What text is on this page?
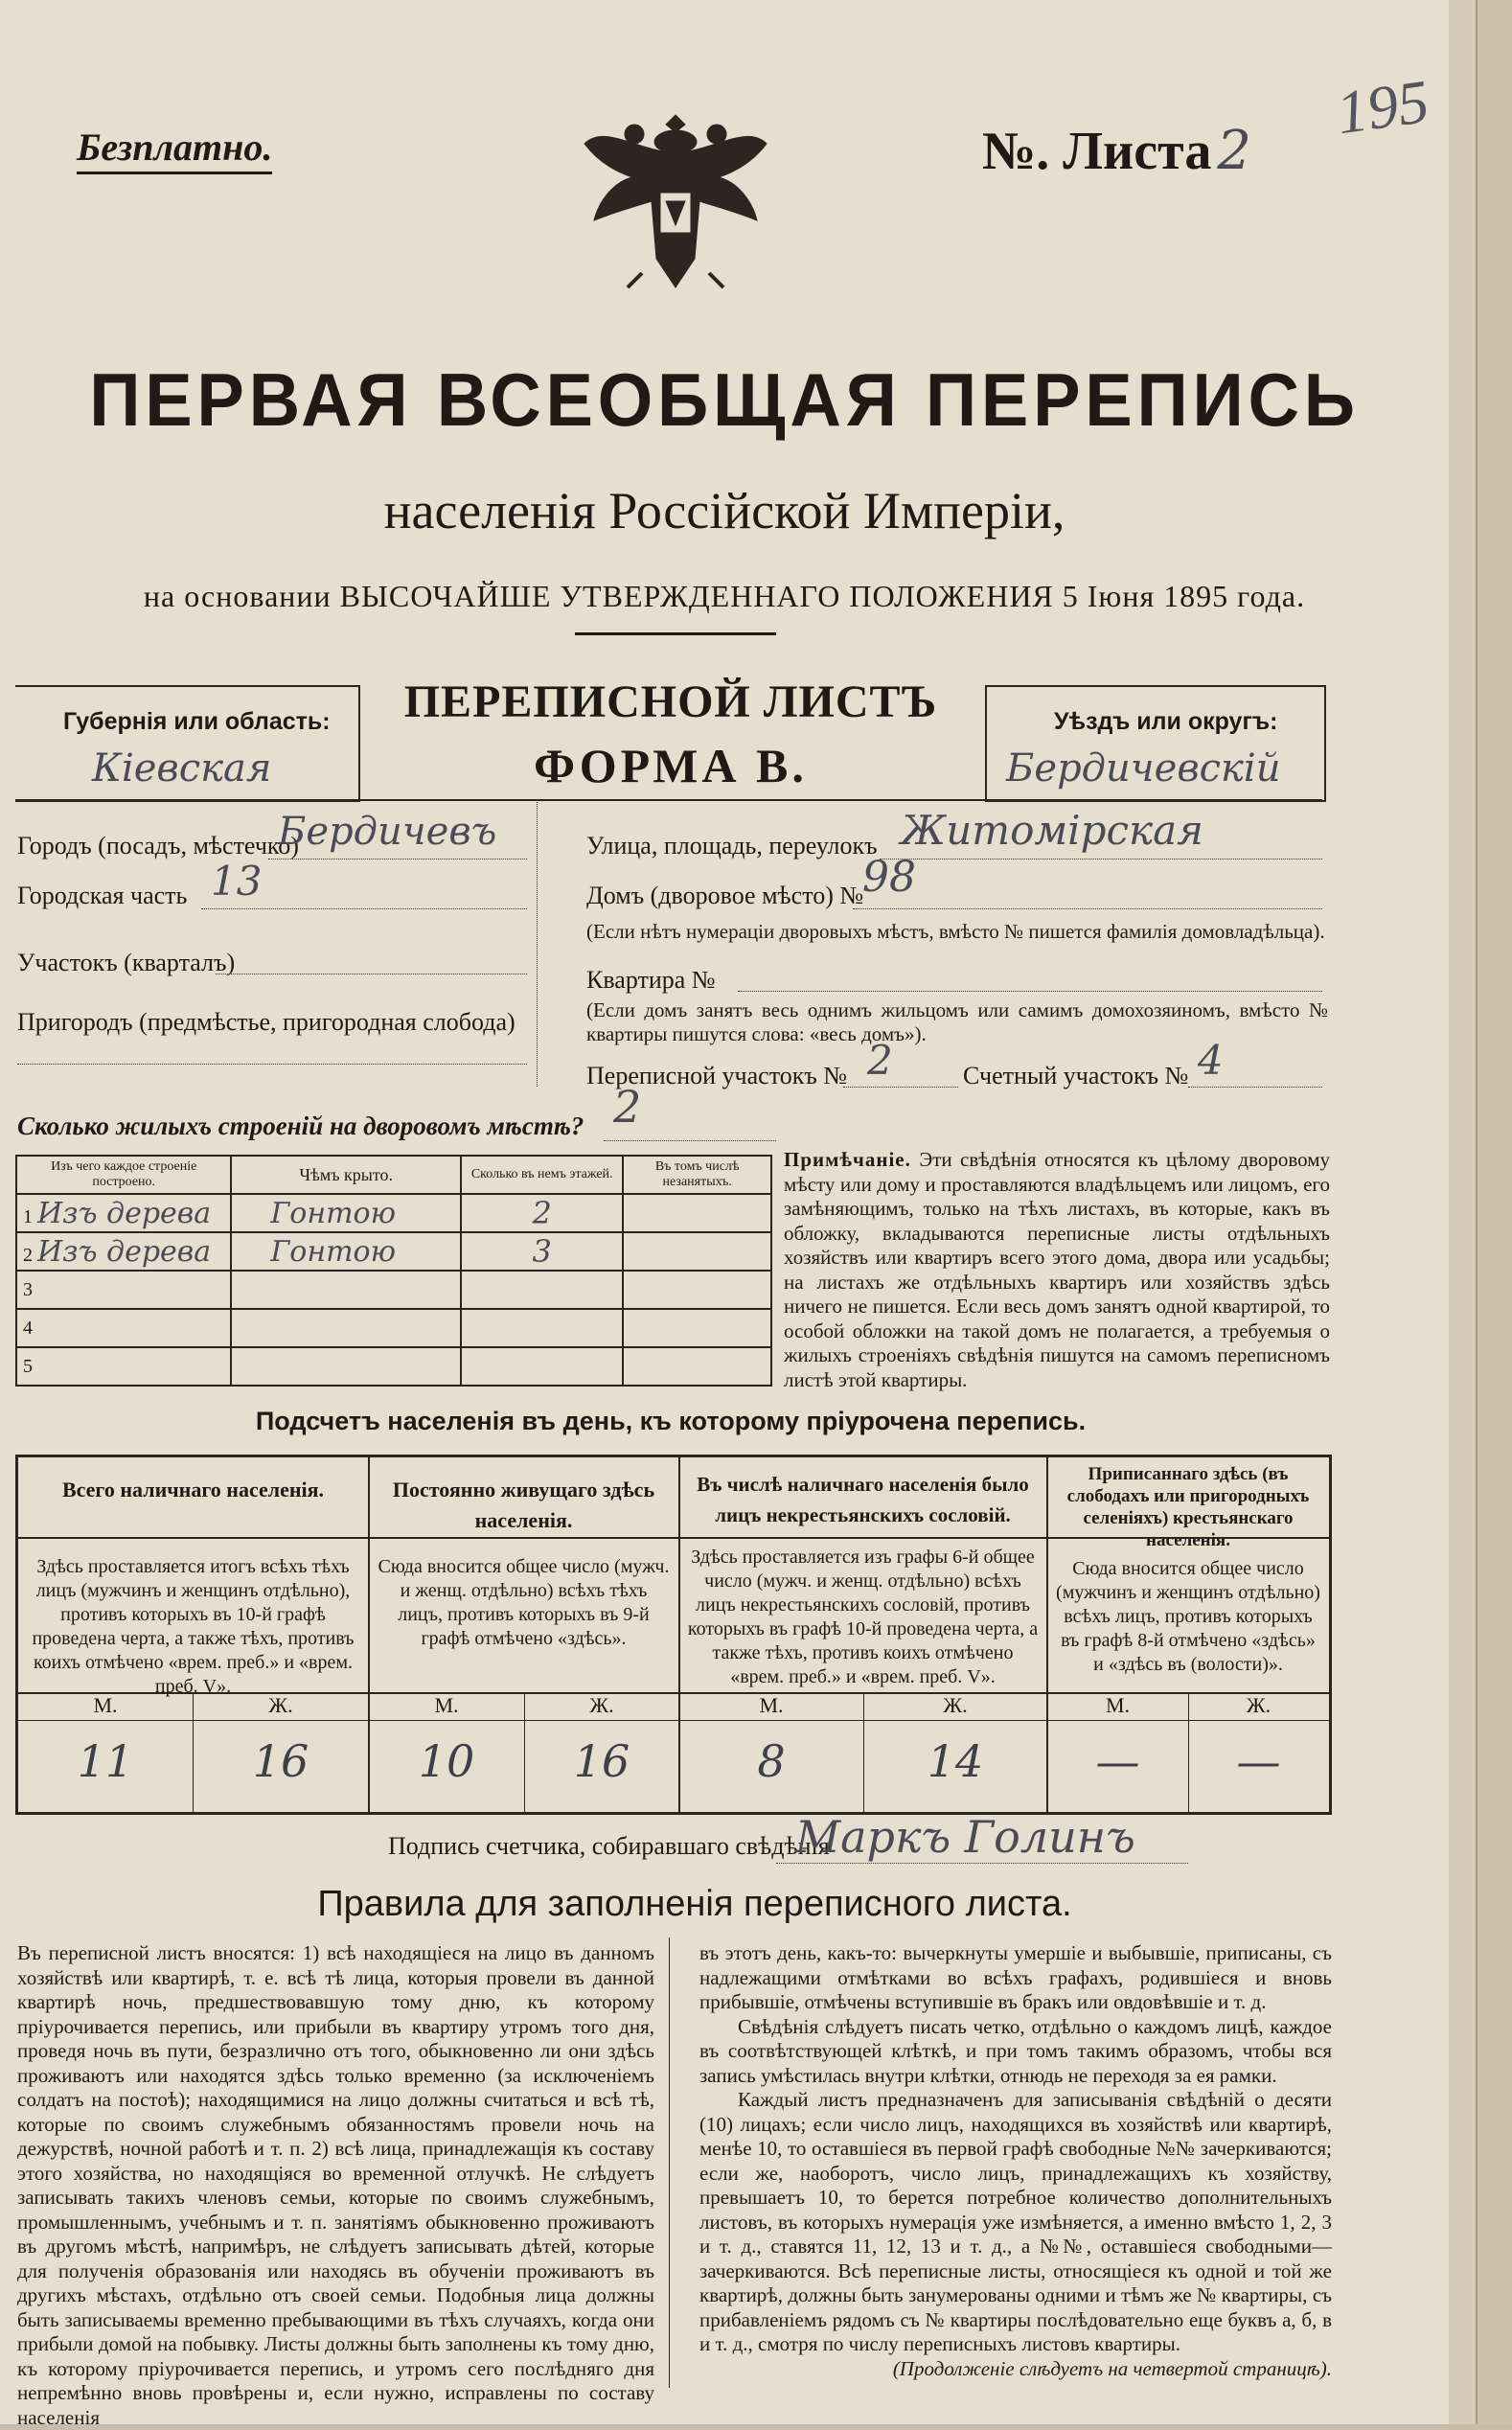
Безплатно.	№. Листа 2
195
ПЕРВАЯ ВСЕОБЩАЯ ПЕРЕПИСЬ
населенія Россійской Имперіи,
на основании ВЫСОЧАЙШЕ УТВЕРЖДЕННАГО ПОЛОЖЕНИЯ 5 Іюня 1895 года.
Губернія или область:
Кіевская
ПЕРЕПИСНОЙ ЛИСТЪ
ФОРМА В.
Уѣздъ или округъ:
Бердичевскій
Городъ (посадъ, мѣстечко)
Бердичевъ
Городская часть 13
Участокъ (кварталъ)
Пригородъ (предмѣстье, пригородная слобода)
Улица, площадь, переулокъ Житомірская
Домъ (дворовое мѣсто) №
98
(Если нѣтъ нумераціи дворовыхъ мѣстъ, вмѣсто № пишется фамилія домовладѣльца).
Квартира №
(Если домъ занятъ весь однимъ жильцомъ или самимъ домохозяиномъ, вмѣсто № квартиры пишутся слова: «весь домъ»).
Переписной участокъ № 2	Счетный участокъ № 4
Сколько жилыхъ строеній на дворовомъ мѣстѣ? 2
Изъ чего каждое строеніе построено.	Чѣмъ крыто.	Сколько въ немъ этажей.	Въ томъ числѣ незанятыхъ.
1 Изъ дерева	Гонтою	2	
2 Изъ дерева	Гонтою	3	
3			
4			
5			
Примѣчаніе. Эти свѣдѣнія относятся къ цѣлому дворовому мѣсту или дому и проставляются владѣльцемъ или лицомъ, его замѣняющимъ, только на тѣхъ листахъ, въ которые, какъ въ обложку, вкладываются переписные листы отдѣльныхъ хозяйствъ или квартиръ всего этого дома, двора или усадьбы; на листахъ же отдѣльныхъ квартиръ или хозяйствъ здѣсь ничего не пишется. Если весь домъ занятъ одной квартирой, то особой обложки на такой домъ не полагается, а требуемыя о жилыхъ строеніяхъ свѣдѣнія пишутся на самомъ переписномъ листѣ этой квартиры.
Подсчетъ населенія въ день, къ которому пріурочена перепись.
Всего наличнаго населенія.
Здѣсь проставляется итогъ всѣхъ тѣхъ лицъ (мужчинъ и женщинъ отдѣльно), противъ которыхъ въ 10-й графѣ проведена черта, а также тѣхъ, противъ коихъ отмѣчено «врем. преб.» и «врем. преб. V».
Постоянно живущаго здѣсь населенія.
Сюда вносится общее число (мужч. и женщ. отдѣльно) всѣхъ тѣхъ лицъ, противъ которыхъ въ 9-й графѣ отмѣчено «здѣсь».
Въ числѣ наличнаго населенія было лицъ некрестьянскихъ сословій.
Здѣсь проставляется изъ графы 6-й общее число (мужч. и женщ. отдѣльно) всѣхъ лицъ некрестьянскихъ сословій, противъ которыхъ въ графѣ 10-й проведена черта, а также тѣхъ, противъ коихъ отмѣчено «врем. преб.» и «врем. преб. V».
Приписаннаго здѣсь (въ слободахъ или пригородныхъ селеніяхъ) крестьянскаго населенія.
Сюда вносится общее число (мужчинъ и женщинъ отдѣльно) всѣхъ лицъ, противъ которыхъ въ графѣ 8-й отмѣчено «здѣсь» и «здѣсь въ (волости)».
М.	Ж.	М.	Ж.	М.	Ж.	М.	Ж.
11	16	10	16	8	14	—	—
Подпись счетчика, собиравшаго свѣдѣнія
Маркъ Голинъ
Правила для заполненія переписного листа.
Въ переписной листъ вносятся: 1) всѣ находящіеся на лицо въ данномъ хозяйствѣ или квартирѣ, т. е. всѣ тѣ лица, которыя провели въ данной квартирѣ ночь, предшествовавшую тому дню, къ которому пріурочивается перепись, или прибыли въ квартиру утромъ того дня, проведя ночь въ пути, безразлично отъ того, обыкновенно ли они здѣсь проживаютъ или находятся здѣсь только временно (за исключеніемъ солдатъ на постоѣ); находящимися на лицо должны считаться и всѣ тѣ, которые по своимъ служебнымъ обязанностямъ провели ночь на дежурствѣ, ночной работѣ и т. п. 2) всѣ лица, принадлежащія къ составу этого хозяйства, но находящіяся во временной отлучкѣ. Не слѣдуетъ записывать такихъ членовъ семьи, которые по своимъ служебнымъ, промышленнымъ, учебнымъ и т. п. занятіямъ обыкновенно проживаютъ въ другомъ мѣстѣ, напримѣръ, не слѣдуетъ записывать дѣтей, которые для полученія образованія или находясь въ обученіи проживаютъ въ другихъ мѣстахъ, отдѣльно отъ своей семьи. Подобныя лица должны быть записываемы временно пребывающими въ тѣхъ случаяхъ, когда они прибыли домой на побывку. Листы должны быть заполнены къ тому дню, къ которому пріурочивается перепись, и утромъ сего послѣдняго дня непремѣнно вновь провѣрены и, если нужно, исправлены по составу населенія
въ этотъ день, какъ-то: вычеркнуты умершіе и выбывшіе, приписаны, съ надлежащими отмѣтками во всѣхъ графахъ, родившіеся и вновь прибывшіе, отмѣчены вступившіе въ бракъ или овдовѣвшіе и т. д.
Свѣдѣнія слѣдуетъ писать четко, отдѣльно о каждомъ лицѣ, каждое въ соотвѣтствующей клѣткѣ, и при томъ такимъ образомъ, чтобы вся запись умѣстилась внутри клѣтки, отнюдь не переходя за ея рамки.
Каждый листъ предназначенъ для записыванія свѣдѣній о десяти (10) лицахъ; если число лицъ, находящихся въ хозяйствѣ или квартирѣ, менѣе 10, то оставшіеся въ первой графѣ свободные №№ зачеркиваются; если же, наоборотъ, число лицъ, принадлежащихъ къ хозяйству, превышаетъ 10, то берется потребное количество дополнительныхъ листовъ, въ которыхъ нумерація уже измѣняется, а именно вмѣсто 1, 2, 3 и т. д., ставятся 11, 12, 13 и т. д., а №№, оставшіеся свободными—зачеркиваются. Всѣ переписные листы, относящіеся къ одной и той же квартирѣ, должны быть занумерованы одними и тѣмъ же № квартиры, съ прибавленіемъ рядомъ съ № квартиры послѣдовательно еще буквъ а, б, в и т. д., смотря по числу переписныхъ листовъ квартиры.
(Продолженіе слѣдуетъ на четвертой страницѣ).
